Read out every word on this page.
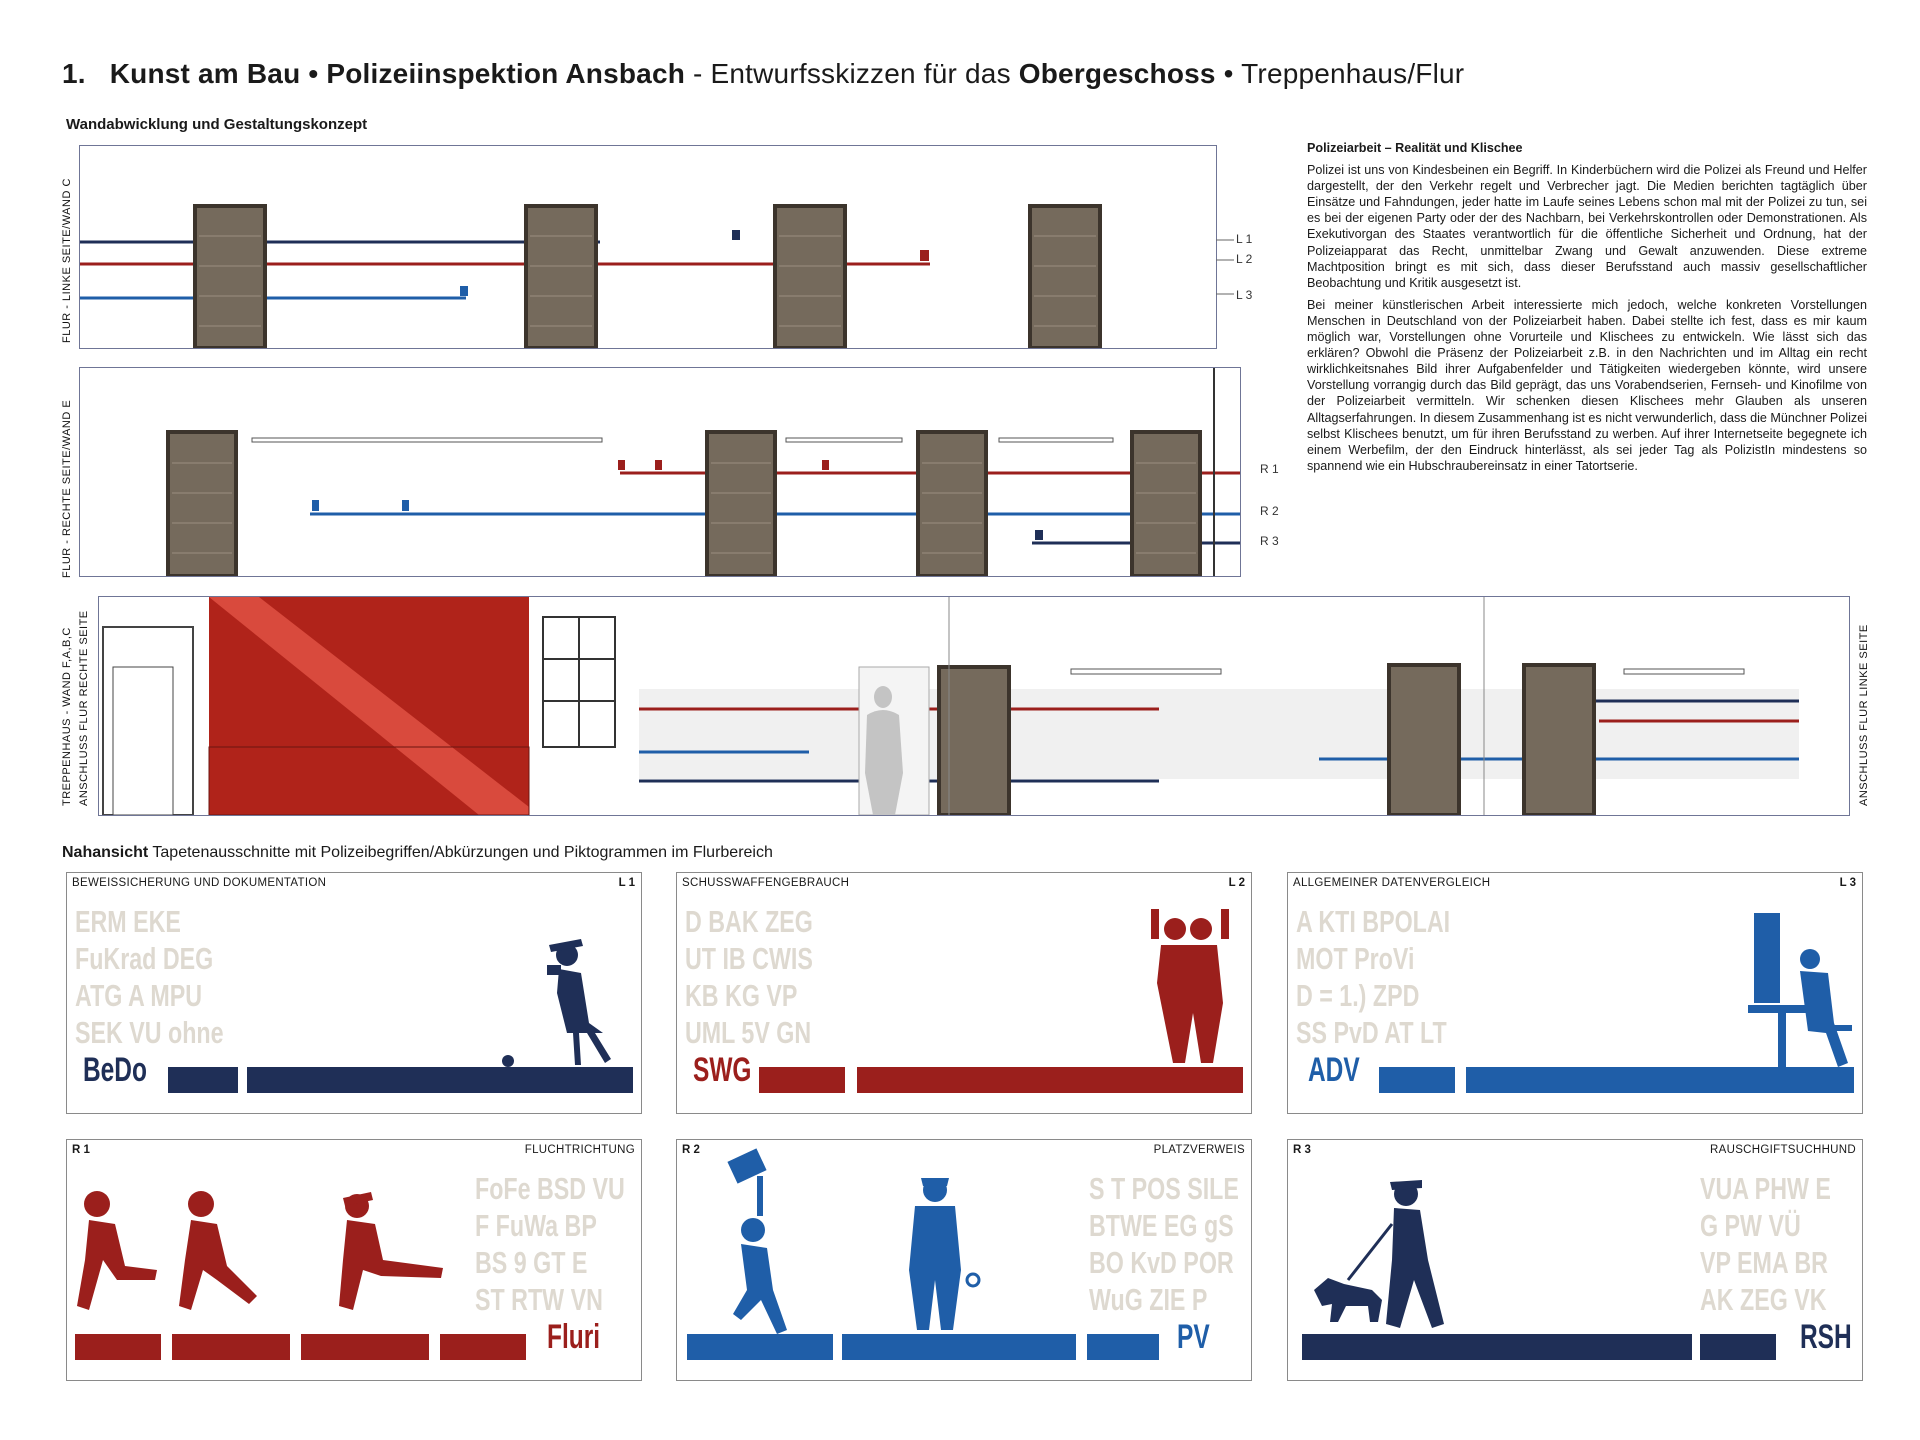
1. Kunst am Bau • Polizeiinspektion Ansbach - Entwurfsskizzen für das Obergeschoss • Treppenhaus/Flur
Wandabwicklung und Gestaltungskonzept
FLUR - LINKE SEITE/WAND C	L 1
L 2
L 3
FLUR - RECHTE SEITE/WAND E	R 1
R 2
R 3
TREPPENHAUS - WAND F,A,B,C ANSCHLUSS FLUR RECHTE SEITE	ANSCHLUSS FLUR LINKE SEITE
Polizeiarbeit – Realität und Klischee

Polizei ist uns von Kindesbeinen ein Begriff. In Kinderbüchern wird die Polizei als Freund und Helfer dargestellt, der den Verkehr regelt und Verbrecher jagt. Die Medien berichten tagtäglich über Einsätze und Fahndungen, jeder hatte im Laufe seines Lebens schon mal mit der Polizei zu tun, sei es bei der eigenen Party oder der des Nachbarn, bei Verkehrskontrollen oder Demonstrationen. Als Exekutivorgan des Staates verantwortlich für die öffentliche Sicherheit und Ordnung, hat der Polizeiapparat das Recht, unmittelbar Zwang und Gewalt anzuwenden. Diese extreme Machtposition bringt es mit sich, dass dieser Berufsstand auch massiv gesellschaftlicher Beobachtung und Kritik ausgesetzt ist.

Bei meiner künstlerischen Arbeit interessierte mich jedoch, welche konkreten Vorstellungen Menschen in Deutschland von der Polizeiarbeit haben. Dabei stellte ich fest, dass es mir kaum möglich war, Vorstellungen ohne Vorurteile und Klischees zu entwickeln. Wie lässt sich das erklären? Obwohl die Präsenz der Polizeiarbeit z.B. in den Nachrichten und im Alltag ein recht wirklichkeitsnahes Bild ihrer Aufgabenfelder und Tätigkeiten wiedergeben könnte, wird unsere Vorstellung vorrangig durch das Bild geprägt, das uns Vorabendserien, Fernseh- und Kinofilme von der Polizeiarbeit vermitteln. Wir schenken diesen Klischees mehr Glauben als unseren Alltagserfahrungen. In diesem Zusammenhang ist es nicht verwunderlich, dass die Münchner Polizei selbst Klischees benutzt, um für ihren Berufsstand zu werben. Auf ihrer Internetseite begegnete ich einem Werbefilm, der den Eindruck hinterlässt, als sei jeder Tag als PolizistIn mindestens so spannend wie ein Hubschraubereinsatz in einer Tatortserie.

Nahansicht Tapetenausschnitte mit Polizeibegriffen/Abkürzungen und Piktogrammen im Flurbereich
ERM EKE
FuKrad DEG
ATG A MPU
SEK VU ohne
BEWEISSICHERUNG UND DOKUMENTATION	L 1
BeDo
D BAK ZEG
UT IB CWIS
KB KG VP
UML 5V GN
SCHUSSWAFFENGEBRAUCH	L 2
SWG
A KTI BPOLAI
MOT ProVi
D = 1.) ZPD
SS PvD AT LT
ALLGEMEINER DATENVERGLEICH	L 3
ADV
FoFe BSD VU
F FuWa BP
BS 9 GT E
ST RTW VN
R 1	FLUCHTRICHTUNG
Fluri
S T POS SILE
BTWE EG gS
BO KvD POR
WuG ZIE P
R 2	PLATZVERWEIS
PV
VUA PHW E
G PW VÜ
VP EMA BR
AK ZEG VK
R 3	RAUSCHGIFTSUCHHUND
RSH
